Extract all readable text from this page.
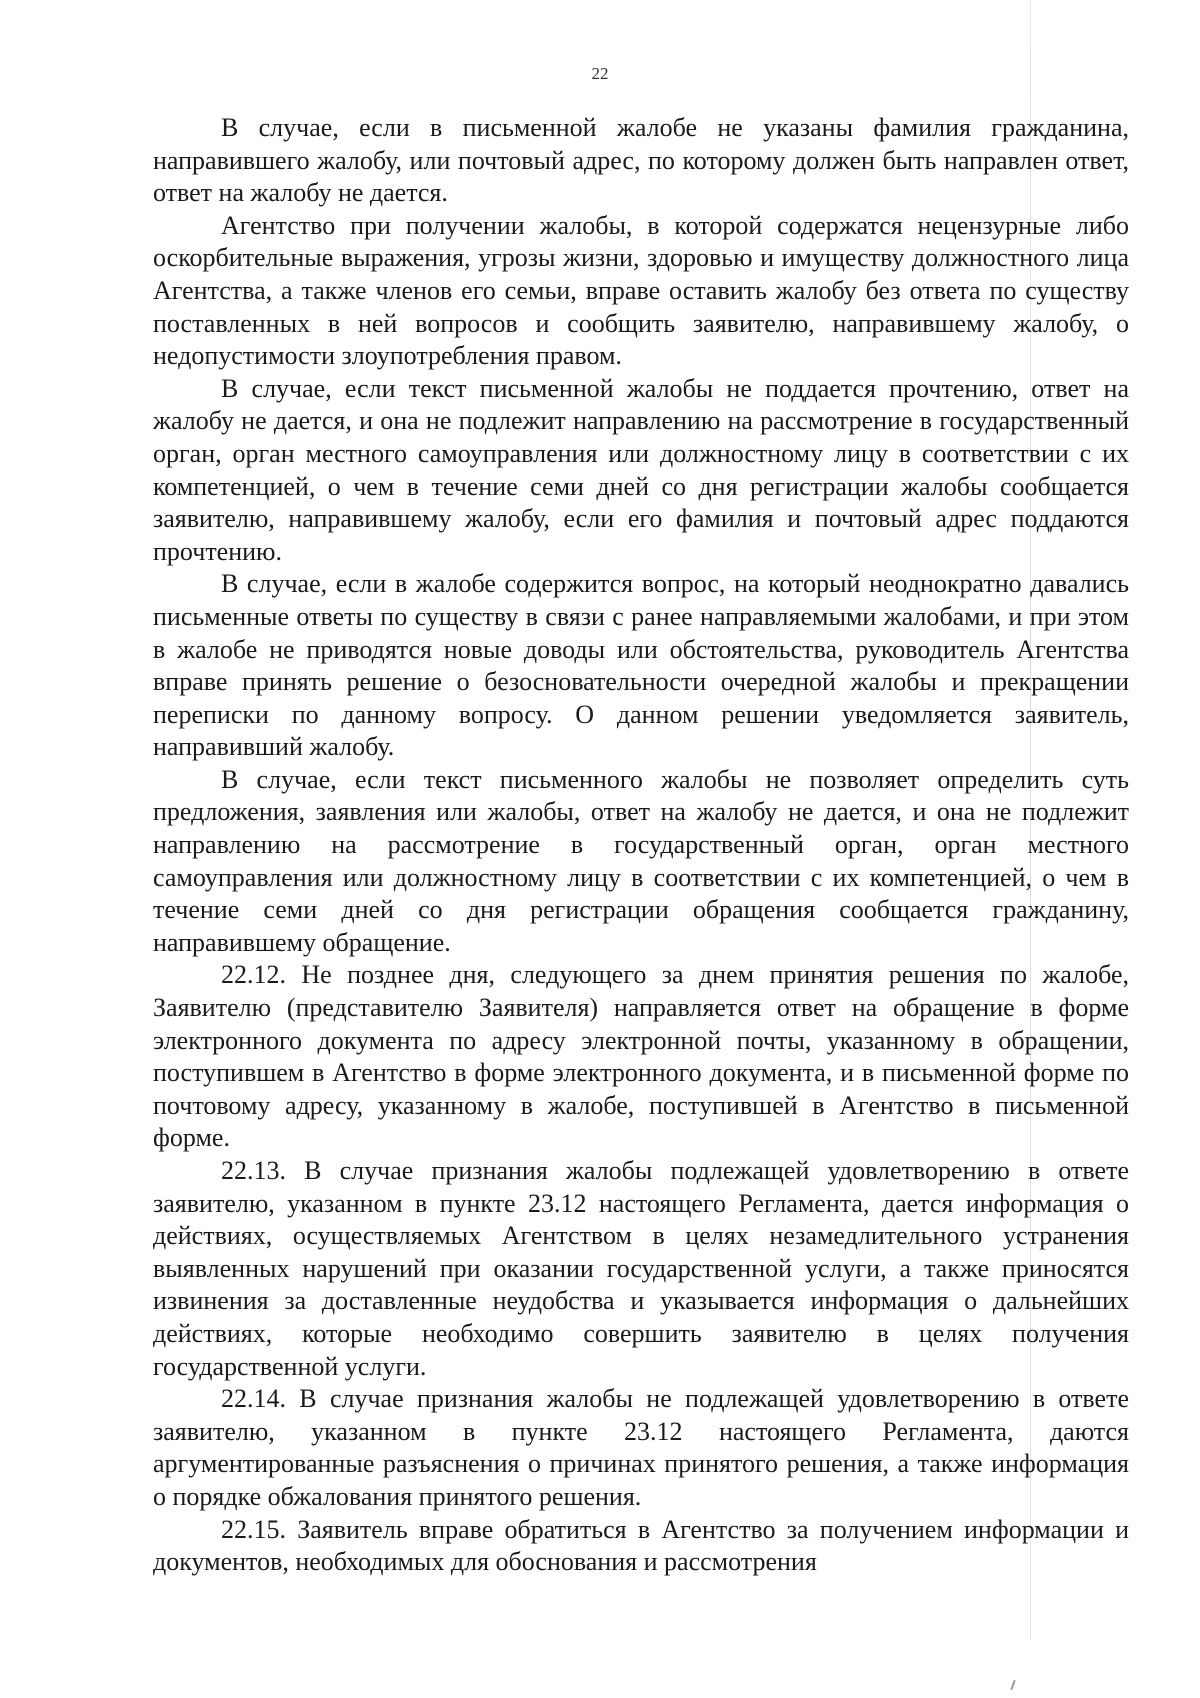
22

В случае, если в письменной жалобе не указаны фамилия гражданина, направившего жалобу, или почтовый адрес, по которому должен быть направлен ответ, ответ на жалобу не дается.

Агентство при получении жалобы, в которой содержатся нецензурные либо оскорбительные выражения, угрозы жизни, здоровью и имуществу должностного лица Агентства, а также членов его семьи, вправе оставить жалобу без ответа по существу поставленных в ней вопросов и сообщить заявителю, направившему жалобу, о недопустимости злоупотребления правом.

В случае, если текст письменной жалобы не поддается прочтению, ответ на жалобу не дается, и она не подлежит направлению на рассмотрение в государственный орган, орган местного самоуправления или должностному лицу в соответствии с их компетенцией, о чем в течение семи дней со дня регистрации жалобы сообщается заявителю, направившему жалобу, если его фамилия и почтовый адрес поддаются прочтению.

В случае, если в жалобе содержится вопрос, на который неоднократно давались письменные ответы по существу в связи с ранее направляемыми жалобами, и при этом в жалобе не приводятся новые доводы или обстоятельства, руководитель Агентства вправе принять решение о безосновательности очередной жалобы и прекращении переписки по данному вопросу. О данном решении уведомляется заявитель, направивший жалобу.

В случае, если текст письменного жалобы не позволяет определить суть предложения, заявления или жалобы, ответ на жалобу не дается, и она не подлежит направлению на рассмотрение в государственный орган, орган местного самоуправления или должностному лицу в соответствии с их компетенцией, о чем в течение семи дней со дня регистрации обращения сообщается гражданину, направившему обращение.

22.12. Не позднее дня, следующего за днем принятия решения по жалобе, Заявителю (представителю Заявителя) направляется ответ на обращение в форме электронного документа по адресу электронной почты, указанному в обращении, поступившем в Агентство в форме электронного документа, и в письменной форме по почтовому адресу, указанному в жалобе, поступившей в Агентство в письменной форме.

22.13. В случае признания жалобы подлежащей удовлетворению в ответе заявителю, указанном в пункте 23.12 настоящего Регламента, дается информация о действиях, осуществляемых Агентством в целях незамедлительного устранения выявленных нарушений при оказании государственной услуги, а также приносятся извинения за доставленные неудобства и указывается информация о дальнейших действиях, которые необходимо совершить заявителю в целях получения государственной услуги.

22.14. В случае признания жалобы не подлежащей удовлетворению в ответе заявителю, указанном в пункте 23.12 настоящего Регламента, даются аргументированные разъяснения о причинах принятого решения, а также информация о порядке обжалования принятого решения.

22.15. Заявитель вправе обратиться в Агентство за получением информации и документов, необходимых для обоснования и рассмотрения
